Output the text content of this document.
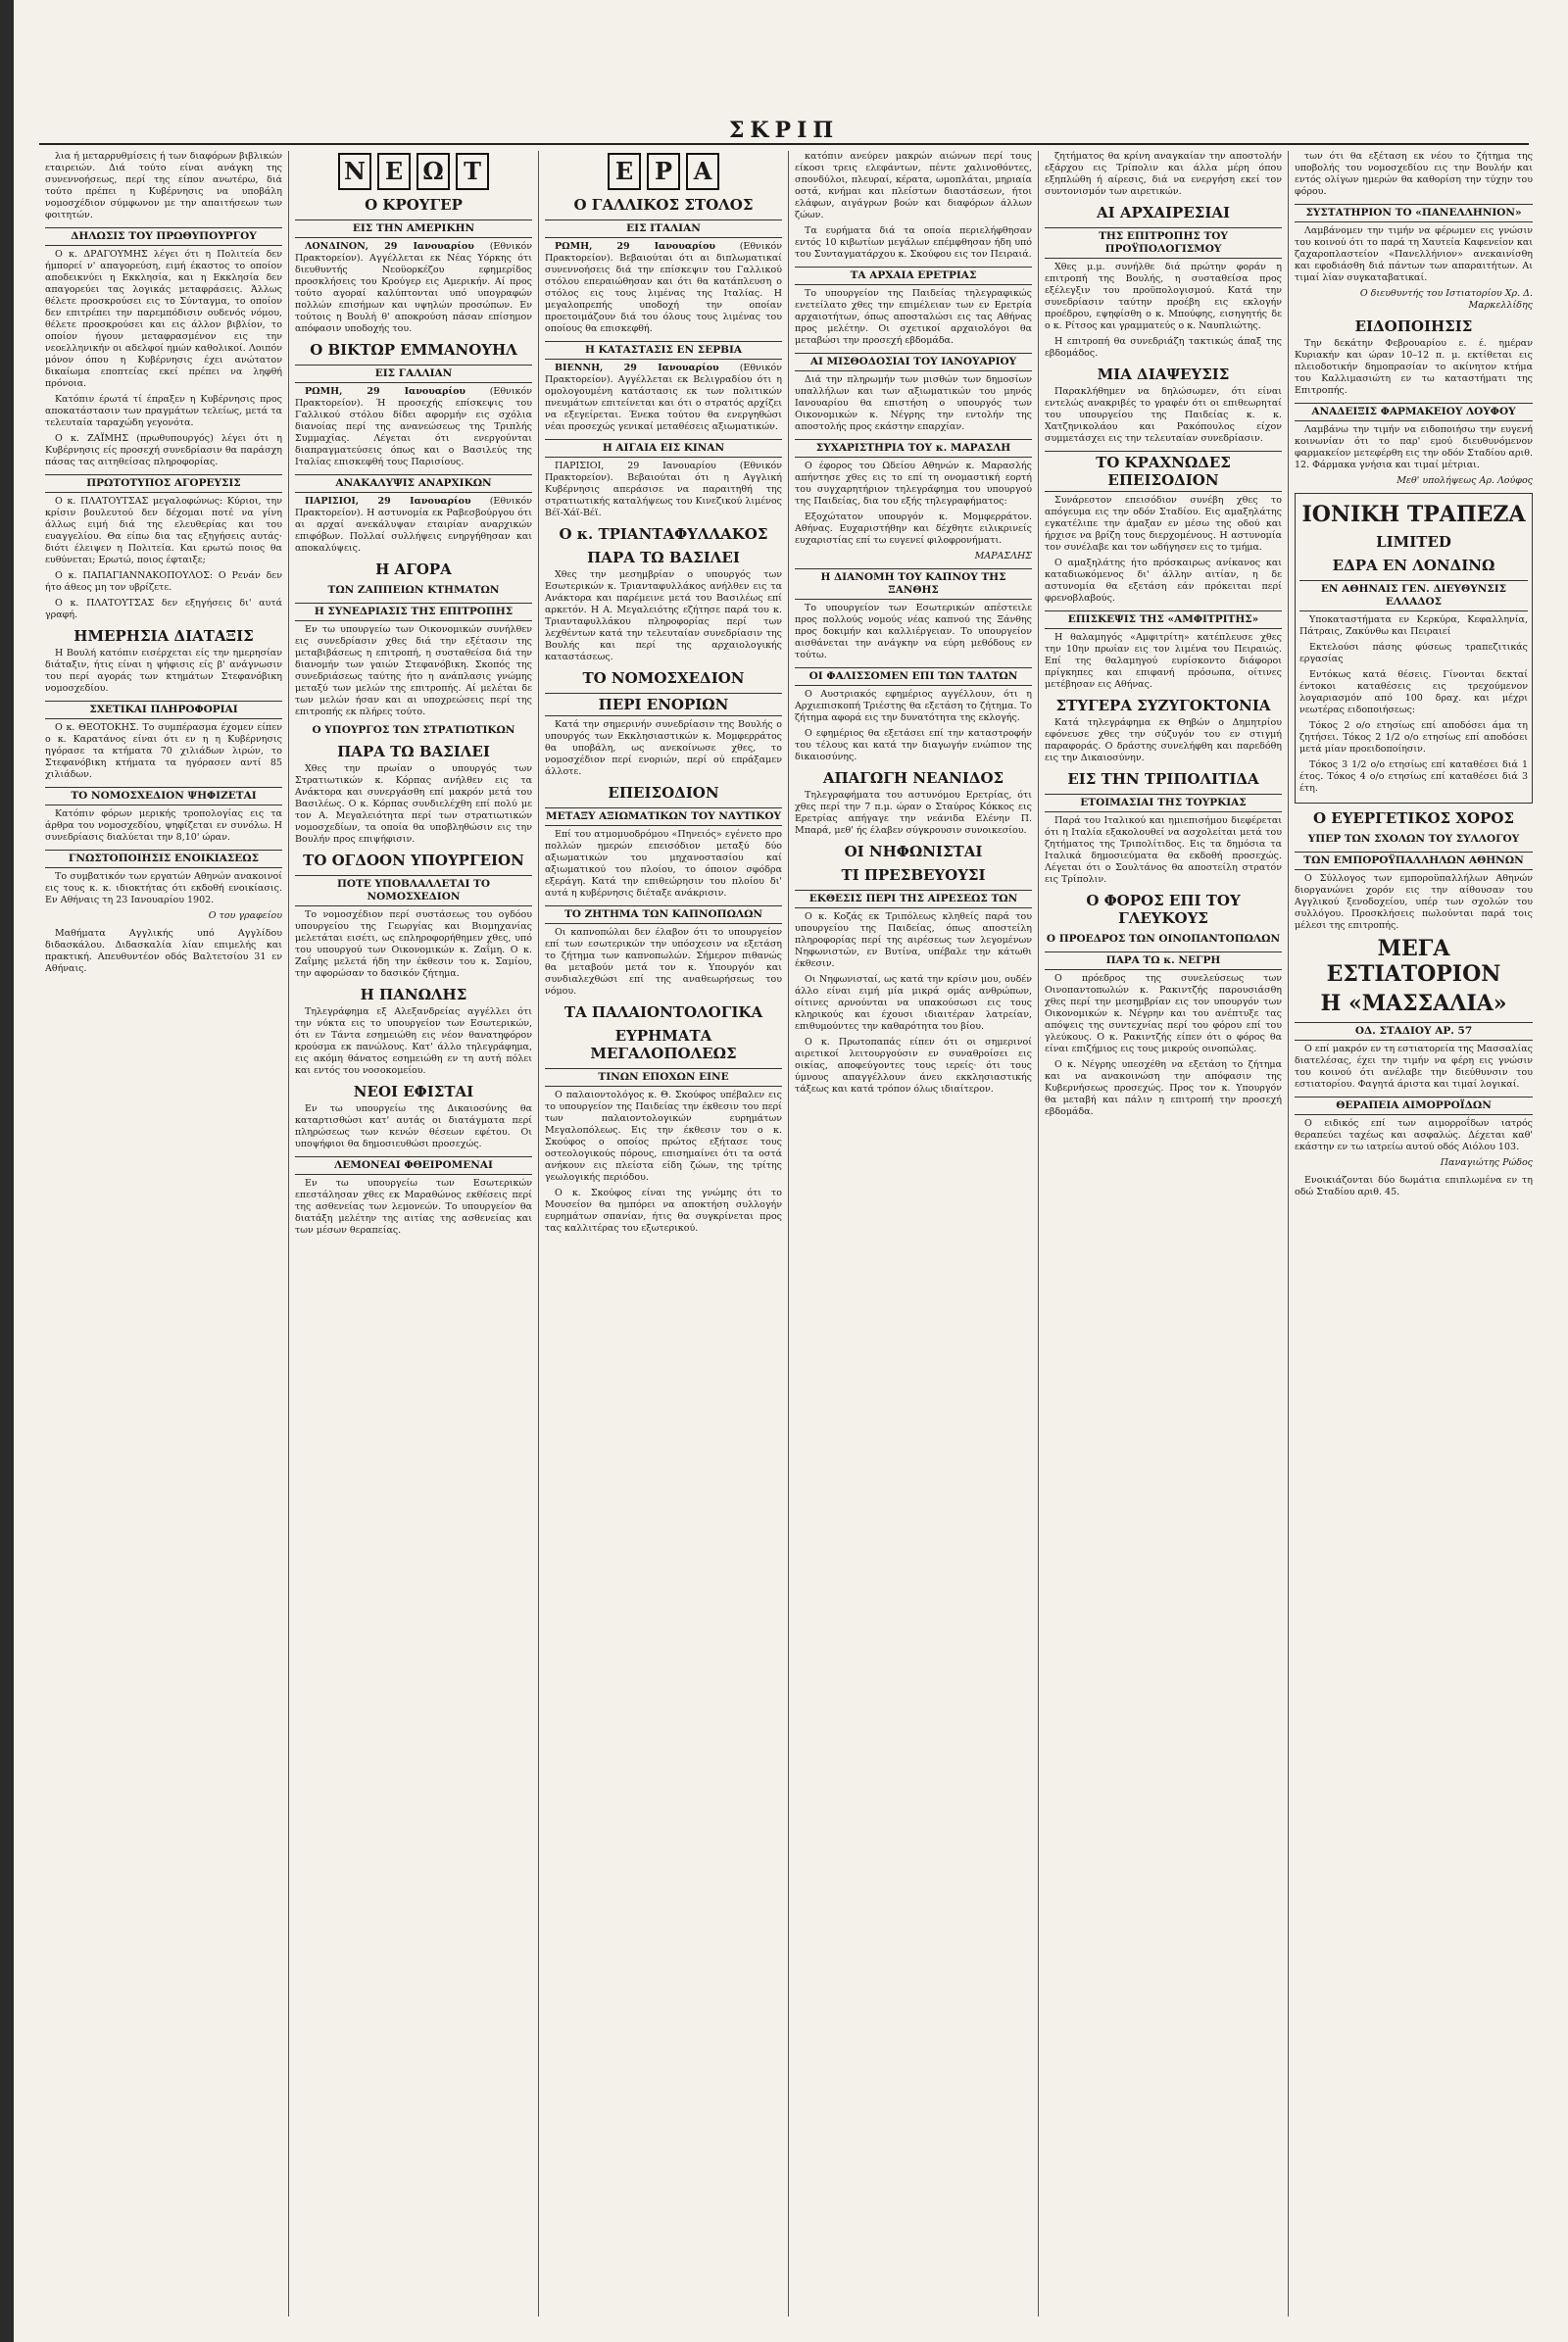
ΣΚΡΙΠ

λια ή μεταρρυθμίσεις ή των διαφόρων βιβλικών εταιρειών. Διά τούτο είναι ανάγκη της συνεννοήσεως, περί της είπον ανωτέρω, διά τούτο πρέπει η Κυβέρνησις να υποβάλη νομοσχέδιον σύμφωνον με την απαιτήσεων των φοιτητών.

ΔΗΛΩΣΙΣ ΤΟΥ ΠΡΩΘΥΠΟΥΡΓΟΥ

Ο κ. ΔΡΑΓΟΥΜΗΣ λέγει ότι η Πολιτεία δεν ήμπορεί ν' απαγορεύση, ειμή έκαστος το οποίον αποδεικνύει η Εκκλησία, και η Εκκλησία δεν απαγορεύει τας λογικάς μεταφράσεις. Άλλως θέλετε προσκρούσει εις το Σύνταγμα, το οποίον δεν επιτρέπει την παρεμπόδισιν ουδενός νόμου, θέλετε προσκρούσει και εις άλλον βιβλίον, το οποίον ήγουν μεταφρασμένον εις την νεοελληνικήν οι αδελφοί ημών καθολικοί. Λοιπόν μόνον όπου η Κυβέρνησις έχει ανώτατον δικαίωμα εποπτείας εκεί πρέπει να ληφθή πρόνοια.

Κατόπιν έρωτά τί έπραξεν η Κυβέρνησις προς αποκατάστασιν των πραγμάτων τελείως, μετά τα τελευταία ταραχώδη γεγονότα.

Ο κ. ΖΑΪΜΗΣ (πρωθυπουργός) λέγει ότι η Κυβέρνησις είς προσεχή συνεδρίασιν θα παράσχη πάσας τας αιτηθείσας πληροφορίας.

ΠΡΩΤΟΤΥΠΟΣ ΑΓΟΡΕΥΣΙΣ

Ο κ. ΠΛΑΤΟΥΤΣΑΣ μεγαλοφώνως: Κύριοι, την κρίσιν βουλευτού δεν δέχομαι ποτέ να γίνη άλλως ειμή διά της ελευθερίας και του ευαγγελίου. Θα είπω δια τας εξηγήσεις αυτάς· διότι έλειψεν η Πολιτεία. Και ερωτώ ποιος θα ευθύνεται; Ερωτώ, ποιος έφταιξε;

Ο κ. ΠΑΠΑΓΙΑΝΝΑΚΟΠΟΥΛΟΣ: Ο Ρενάν δεν ήτο άθεος μη τον υβρίζετε.

Ο κ. ΠΛΑΤΟΥΤΣΑΣ δεν εξηγήσεις δι' αυτά γραφή.

ΗΜΕΡΗΣΙΑ ΔΙΑΤΑΞΙΣ

Η Βουλή κατόπιν εισέρχεται είς την ημερησίαν διάταξιν, ήτις είναι η ψήφισις είς β' ανάγνωσιν του περί αγοράς των κτημάτων Στεφανόβικη νομοσχεδίου.

ΣΧΕΤΙΚΑΙ ΠΛΗΡΟΦΟΡΙΑΙ

Ο κ. ΘΕΟΤΟΚΗΣ. Το συμπέρασμα έχομεν είπεν ο κ. Καρατάνος είναι ότι εν η η Κυβέρνησις ηγόρασε τα κτήματα 70 χιλιάδων λιρών, το Στεφανόβικη κτήματα τα ηγόρασεν αντί 85 χιλιάδων.

ΤΟ ΝΟΜΟΣΧΕΔΙΟΝ ΨΗΦΙΖΕΤΑΙ

Κατόπιν φόρων μερικής τροπολογίας εις τα άρθρα του νομοσχεδίου, ψηφίζεται εν συνόλω. Η συνεδρίασις διαλύεται την 8,10' ώραν.

ΓΝΩΣΤΟΠΟΙΗΣΙΣ ΕΝΟΙΚΙΑΣΕΩΣ

Το συμβατικόν των εργατών Αθηνών ανακοινοί εις τους κ. κ. ιδιοκτήτας ότι εκδοθή ενοικίασις. Εν Αθήναις τη 23 Ιανουαρίου 1902.

Ο του γραφείου

Μαθήματα Αγγλικής υπό Αγγλίδου διδασκάλου. Διδασκαλία λίαν επιμελής και πρακτική. Απευθυντέον οδός Βαλτετσίου 31 εν Αθήναις.

Ν Ε Ω Τ
Ο ΚΡΟΥΓΕΡ
ΕΙΣ ΤΗΝ ΑΜΕΡΙΚΗΝ

ΛΟΝΔΙΝΟΝ, 29 Ιανουαρίου (Εθνικόν Πρακτορείον). Αγγέλλεται εκ Νέας Υόρκης ότι διευθυντής Νεοϋορκέζου εφημερίδος προσκλήσεις του Κρούγερ εις Αμερικήν. Αί προς τούτο αγοραί καλύπτονται υπό υπογραφών πολλών επισήμων και υψηλών προσώπων. Εν τούτοις η Βουλή θ' αποκρούση πάσαν επίσημον απόφασιν υποδοχής του.

Ο ΒΙΚΤΩΡ ΕΜΜΑΝΟΥΗΛ
ΕΙΣ ΓΑΛΛΙΑΝ

ΡΩΜΗ, 29 Ιανουαρίου	(Εθνικόν Πρακτορείον). Ή προσεχής επίσκεψις του Γαλλικού στόλου δίδει αφορμήν εις σχόλια διανοίας περί της ανανεώσεως της Τριπλής Συμμαχίας. Λέγεται ότι ενεργούνται διαπραγματεύσεις όπως και ο Βασιλεύς της Ιταλίας επισκεφθή τους Παρισίους.

ΑΝΑΚΑΛΥΨΙΣ ΑΝΑΡΧΙΚΩΝ

ΠΑΡΙΣΙΟΙ, 29 Ιανουαρίου (Εθνικόν Πρακτορείον). Η αστυνομία εκ Ραβεσβούργου ότι αι αρχαί ανεκάλυψαν εταιρίαν αναρχικών επιφόβων. Πολλαί συλλήψεις ενηργήθησαν και αποκαλύψεις.

Η ΑΓΟΡΑ
ΤΩΝ ΖΑΠΠΕΙΩΝ ΚΤΗΜΑΤΩΝ
Η ΣΥΝΕΔΡΙΑΣΙΣ ΤΗΣ ΕΠΙΤΡΟΠΗΣ

Εν τω υπουργείω των Οικονομικών συνήλθεν εις συνεδρίασιν χθες διά την εξέτασιν της μεταβιβάσεως η επιτροπή, η συσταθείσα διά την διανομήν των γαιών Στεφανόβικη. Σκοπός της συνεδριάσεως ταύτης ήτο η ανάπλασις γνώμης μεταξύ των μελών της επιτροπής. Αί μελέται δε των μελών ήσαν και αι υποχρεώσεις περί της επιτροπής εκ πλήρες τούτο.

Ο ΥΠΟΥΡΓΟΣ ΤΩΝ ΣΤΡΑΤΙΩΤΙΚΩΝ
ΠΑΡΑ ΤΩ ΒΑΣΙΛΕΙ

Χθες την πρωίαν ο υπουργός των Στρατιωτικών κ. Κόρπας ανήλθεν εις τα Ανάκτορα και συνεργάσθη επί μακρόν μετά του Βασιλέως. Ο κ. Κόρπας συνδιελέχθη επί πολύ με τον Α. Μεγαλειότητα περί των στρατιωτικών νομοσχεδίων, τα οποία θα υποβληθώσιν εις την Βουλήν προς επιψήφισιν.

ΤΟ ΟΓΔΟΟΝ ΥΠΟΥΡΓΕΙΟΝ
ΠΟΤΕ ΥΠΟΒΛΑΛΛΕΤΑΙ ΤΟ ΝΟΜΟΣΧΕΔΙΟΝ

Το νομοσχέδιον περί συστάσεως του ογδόου υπουργείου της Γεωργίας και Βιομηχανίας μελετάται εισέτι, ως επληροφορήθημεν χθες, υπό του υπουργού των Οικονομικών κ. Ζαΐμη. Ο κ. Ζαΐμης μελετά ήδη την έκθεσιν του κ. Σαμίου, την αφορώσαν το δασικόν ζήτημα.

Η ΠΑΝΩΛΗΣ

Τηλεγράφημα εξ Αλεξανδρείας αγγέλλει ότι την νύκτα εις το υπουργείον των Εσωτερικών, ότι εν Τάντα εσημειώθη εις νέον θανατηφόρον κρούσμα εκ πανώλους. Κατ' άλλο τηλεγράφημα, εις ακόμη θάνατος εσημειώθη εν τη αυτή πόλει και εντός του νοσοκομείου.

ΝΕΟΙ ΕΦΙΣΤΑΙ

Εν τω υπουργείω της Δικαιοσύνης θα καταρτισθώσι κατ' αυτάς οι διατάγματα περί πληρώσεως των κενών θέσεων εφέτου. Οι υποψήφιοι θα δημοσιευθώσι προσεχώς.

ΛΕΜΟΝΕΑΙ ΦΘΕΙΡΟΜΕΝΑΙ

Εν τω υπουργείω των Εσωτερικών επεστάλησαν χθες εκ Μαραθώνος εκθέσεις περί της ασθενείας των λεμονεών. Το υπουργείον θα διατάξη μελέτην της αιτίας της ασθενείας και των μέσων θεραπείας.

Ε Ρ Α
Ο ΓΑΛΛΙΚΟΣ ΣΤΟΛΟΣ
ΕΙΣ ΙΤΑΛΙΑΝ

ΡΩΜΗ, 29 Ιανουαρίου	(Εθνικόν Πρακτορείον). Βεβαιούται ότι αι διπλωματικαί συνεννοήσεις διά την επίσκεψιν του Γαλλικού στόλου επεραιώθησαν και ότι θα κατάπλευση ο στόλος εις τους λιμένας της Ιταλίας. Η μεγαλοπρεπής υποδοχή την οποίαν προετοιμάζουν διά του όλους τους λιμένας του οποίους θα επισκεφθή.

Η ΚΑΤΑΣΤΑΣΙΣ ΕΝ ΣΕΡΒΙΑ

ΒΙΕΝΝΗ, 29 Ιανουαρίου (Εθνικόν Πρακτορείον). Αγγέλλεται εκ Βελιγραδίου ότι η ομολογουμένη κατάστασις εκ των πολιτικών πνευμάτων επιτείνεται και ότι ο στρατός αρχίζει να εξεγείρεται. Ένεκα τούτου θα ενεργηθώσι νέαι προσεχώς γενικαί μεταθέσεις αξιωματικών.

Η ΑΙΓΑΙΑ ΕΙΣ ΚΙΝΑΝ

ΠΑΡΙΣΙΟΙ, 29 Ιανουαρίου (Εθνικόν Πρακτορείον). Βεβαιούται ότι η Αγγλική Κυβέρνησις απεράσισε να παραιτηθή της στρατιωτικής καταλήψεως του Κινεζικού λιμένος Βέϊ-Χάϊ-Βέϊ.

Ο κ. ΤΡΙΑΝΤΑΦΥΛΛΑΚΟΣ
ΠΑΡΑ ΤΩ ΒΑΣΙΛΕΙ

Χθες την μεσημβρίαν ο υπουργός των Εσωτερικών κ. Τριανταφυλλάκος ανήλθεν εις τα Ανάκτορα και παρέμεινε μετά του Βασιλέως επί αρκετόν. Η Α. Μεγαλειότης εζήτησε παρά του κ. Τριανταφυλλάκου πληροφορίας περί των λεχθέντων κατά την τελευταίαν συνεδρίασιν της Βουλής και περί της αρχαιολογικής καταστάσεως.

ΤΟ ΝΟΜΟΣΧΕΔΙΟΝ
ΠΕΡΙ ΕΝΟΡΙΩΝ

Κατά την σημερινήν συνεδρίασιν της Βουλής ο υπουργός των Εκκλησιαστικών κ. Μομφερράτος θα υποβάλη, ως ανεκοίνωσε χθες, το νομοσχέδιον περί ενοριών, περί ού επράξαμεν άλλοτε.

ΕΠΕΙΣΟΔΙΟΝ
ΜΕΤΑΞΥ ΑΞΙΩΜΑΤΙΚΩΝ ΤΟΥ ΝΑΥΤΙΚΟΥ

Επί του ατμομυοδρόμου «Πηνειός» εγένετο προ πολλών ημερών επεισόδιον μεταξύ δύο αξιωματικών του μηχανοστασίου καί αξιωματικού του πλοίου, το όποιον σφόδρα εξεράγη. Κατά την επιθεώρησιν του πλοίου δι' αυτά η κυβέρνησις διέταξε ανάκρισιν.

ΤΟ ΖΗΤΗΜΑ ΤΩΝ ΚΑΠΝΟΠΩΛΩΝ

Οι καπνοπώλαι δεν έλαβον ότι το υπουργείον επί των εσωτερικών την υπόσχεσιν να εξετάση το ζήτημα των καπνοπωλών. Σήμερον πιθανώς θα μεταβούν μετά τον κ. Υπουργόν και συνδιαλεχθώσι επί της αναθεωρήσεως του νόμου.

ΤΑ ΠΑΛΑΙΟΝΤΟΛΟΓΙΚΑ
ΕΥΡΗΜΑΤΑ ΜΕΓΑΛΟΠΟΛΕΩΣ
ΤΙΝΩΝ ΕΠΟΧΩΝ ΕΙΝΕ

Ο παλαιοντολόγος κ. Θ. Σκούφος υπέβαλεν εις το υπουργείον της Παιδείας την έκθεσιν του περί των παλαιοντολογικών ευρημάτων Μεγαλοπόλεως. Εις την έκθεσιν του ο κ. Σκούφος ο οποίος πρώτος εξήτασε τους οστεολογικούς πόρους, επισημαίνει ότι τα οστά ανήκουν εις πλείστα είδη ζώων, της τρίτης γεωλογικής περιόδου.

Ο κ. Σκούφος είναι της γνώμης ότι το Μουσείον θα ημπόρει να αποκτήση συλλογήν ευρημάτων σπανίαν, ήτις θα συγκρίνεται προς τας καλλιτέρας του εξωτερικού.

κατόπιν ανεύρεν μακρών αιώνων περί τους είκοσι τρεις ελεφάντων, πέντε χαλινοθόντες, σπονδύλοι, πλευραί, κέρατα, ωμοπλάται, μηριαία οστά, κνήμαι και πλείστων διαστάσεων, ήτοι ελάφων, αιγάγρων βοών και διαφόρων άλλων ζώων.

Τα ευρήματα διά τα οποία περιελήφθησαν εντός 10 κιβωτίων μεγάλων επέμφθησαν ήδη υπό του Συνταγματάρχου κ. Σκούφου εις τον Πειραιά.

ΤΑ ΑΡΧΑΙΑ ΕΡΕΤΡΙΑΣ

Το υπουργείον της Παιδείας τηλεγραφικώς ενετείλατο χθες την επιμέλειαν των εν Ερετρία αρχαιοτήτων, όπως αποσταλώσι εις τας Αθήνας προς μελέτην. Οι σχετικοί αρχαιολόγοι θα μεταβώσι την προσεχή εβδομάδα.

ΑΙ ΜΙΣΘΟΔΟΣΙΑΙ ΤΟΥ ΙΑΝΟΥΑΡΙΟΥ

Διά την πληρωμήν των μισθών των δημοσίων υπαλλήλων και των αξιωματικών του μηνός Ιανουαρίου θα επιστήση ο υπουργός των Οικονομικών κ. Νέγρης την εντολήν της αποστολής προς εκάστην επαρχίαν.

ΣΥΧΑΡΙΣΤΗΡΙΑ ΤΟΥ κ. ΜΑΡΑΣΛΗ

Ο έφορος του Ωδείου Αθηνών κ. Μαρασλής απήντησε χθες εις το επί τη ονομαστική εορτή του συγχαρητήριον τηλεγράφημα του υπουργού της Παιδείας, δια του εξής τηλεγραφήματος:

Εξοχώτατον υπουργόν κ. Μομφερράτον. Αθήνας. Ευχαριστήθην και δέχθητε ειλικρινείς ευχαριστίας επί τω ευγενεί φιλοφρονήματι.

ΜΑΡΑΣΛΗΣ
Η ΔΙΑΝΟΜΗ ΤΟΥ ΚΑΠΝΟΥ ΤΗΣ ΞΑΝΘΗΣ

Το υπουργείον των Εσωτερικών απέστειλε προς πολλούς νομούς νέας καπνού της Ξάνθης προς δοκιμήν και καλλιέργειαν. Το υπουργείον αισθάνεται την ανάγκην να εύρη μεθόδους εν τούτω.

ΟΙ ΦΑΛΙΣΣΟΜΕΝ ΕΠΙ ΤΩΝ ΤΑΛΤΩΝ

Ο Αυστριακός εφημέριος αγγέλλουν, ότι η Αρχιεπισκοπή Τριέστης θα εξετάση το ζήτημα. Το ζήτημα αφορά εις την δυνατότητα της εκλογής.

Ο εφημέριος θα εξετάσει επί την καταστροφήν του τέλους και κατά την διαγωγήν ενώπιον της δικαιοσύνης.

ΑΠΑΓΩΓΗ ΝΕΑΝΙΔΟΣ

Τηλεγραφήματα του αστυνόμου Ερετρίας, ότι χθες περί την 7 π.μ. ώραν ο Σταύρος Κόκκος εις Ερετρίας απήγαγε την νεάνιδα Ελένην Π. Μπαρά, μεθ' ής έλαβεν σύγκρουσιν συνοικεσίου.

ΟΙ ΝΗΦΩΝΙΣΤΑΙ
ΤΙ ΠΡΕΣΒΕΥΟΥΣΙ
ΕΚΘΕΣΙΣ ΠΕΡΙ ΤΗΣ ΑΙΡΕΣΕΩΣ ΤΩΝ

Ο κ. Κοζάς εκ Τριπόλεως κληθείς παρά του υπουργείου της Παιδείας, όπως αποστείλη πληροφορίας περί της αιρέσεως των λεγομένων Νηφωνιστών, εν Βυτίνα, υπέβαλε την κάτωθι έκθεσιν.

Οι Νηφωνισταί, ως κατά την κρίσιν μου, ουδέν άλλο είναι ειμή μία μικρά ομάς ανθρώπων, οίτινες αρνούνται να υπακούσωσι εις τους κληρικούς και έχουσι ιδιαιτέραν λατρείαν, επιθυμούντες την καθαρότητα του βίου.

Ο κ. Πρωτοπαπάς είπεν ότι οι σημερινοί αιρετικοί λειτουργούσιν εν συναθροίσει εις οικίας, αποφεύγοντες τους ιερείς· ότι τους ύμνους απαγγέλλουν άνευ εκκλησιαστικής τάξεως και κατά τρόπον όλως ιδιαίτερον.

ζητήματος θα κρίνη αναγκαίαν την αποστολήν εξάρχου εις Τρίπολιν και άλλα μέρη όπου εξηπλώθη ή αίρεσις, διά να ενεργήση εκεί τον συντονισμόν των αιρετικών.

ΑΙ ΑΡΧΑΙΡΕΣΙΑΙ
ΤΗΣ ΕΠΙΤΡΟΠΗΣ ΤΟΥ ΠΡΟΫΠΟΛΟΓΙΣΜΟΥ

Χθες μ.μ. συνήλθε διά πρώτην φοράν η επιτροπή της Βουλής, η συσταθείσα προς εξέλεγξιν του προϋπολογισμού. Κατά την συνεδρίασιν ταύτην προέβη εις εκλογήν προέδρου, εψηφίσθη ο κ. Μπούφης, εισηγητής δε ο κ. Ρίτσος και γραμματεύς ο κ. Ναυπλιώτης.

Η επιτροπή θα συνεδριάζη τακτικώς άπαξ της εβδομάδος.

ΜΙΑ ΔΙΑΨΕΥΣΙΣ

Παρακλήθημεν να δηλώσωμεν, ότι είναι εντελώς ανακριβές το γραφέν ότι οι επιθεωρηταί του υπουργείου της Παιδείας κ. κ. Χατζηνικολάου και Ρακόπουλος είχον συμμετάσχει εις την τελευταίαν συνεδρίασιν.

ΤΟ ΚΡΑΧΝΩΔΕΣ ΕΠΕΙΣΟΔΙΟΝ

Συνάρεστον επεισόδιον συνέβη χθες το απόγευμα εις την οδόν Σταδίου. Εις αμαξηλάτης εγκατέλιπε την άμαξαν εν μέσω της οδού και ήρχισε να βρίζη τους διερχομένους. Η αστυνομία τον συνέλαβε και τον ωδήγησεν εις το τμήμα.

Ο αμαξηλάτης ήτο πρόσκαιρως ανίκανος και καταδιωκόμενος δι' άλλην αιτίαν, η δε αστυνομία θα εξετάση εάν πρόκειται περί φρενοβλαβούς.

ΕΠΙΣΚΕΨΙΣ ΤΗΣ «ΑΜΦΙΤΡΙΤΗΣ»

Η θαλαμηγός «Αμφιτρίτη» κατέπλευσε χθες την 10ην πρωίαν εις τον λιμένα του Πειραιώς. Επί της θαλαμηγού ευρίσκοντο διάφοροι πρίγκηπες και επιφανή πρόσωπα, οίτινες μετέβησαν εις Αθήνας.

ΣΤΥΓΕΡΑ ΣΥΖΥΓΟΚΤΟΝΙΑ

Κατά τηλεγράφημα εκ Θηβών ο Δημητρίου εφόνευσε χθες την σύζυγόν του εν στιγμή παραφοράς. Ο δράστης συνελήφθη και παρεδόθη εις την Δικαιοσύνην.

ΕΙΣ ΤΗΝ ΤΡΙΠΟΛΙΤΙΔΑ
ΕΤΟΙΜΑΣΙΑΙ ΤΗΣ ΤΟΥΡΚΙΑΣ

Παρά του Ιταλικού και ημιεπισήμου διεφέρεται ότι η Ιταλία εξακολουθεί να ασχολείται μετά του ζητήματος της Τριπολίτιδος. Εις τα δημόσια τα Ιταλικά δημοσιεύματα θα εκδοθή προσεχώς. Λέγεται ότι ο Σουλτάνος θα αποστείλη στρατόν εις Τρίπολιν.

Ο ΦΟΡΟΣ ΕΠΙ ΤΟΥ ΓΛΕΥΚΟΥΣ
Ο ΠΡΟΕΔΡΟΣ ΤΩΝ ΟΙΝΟΠΑΝΤΟΠΩΛΩΝ
ΠΑΡΑ ΤΩ κ. ΝΕΓΡΗ

Ο πρόεδρος της συνελεύσεως των Οινοπαντοπωλών κ. Ρακιντζής παρουσιάσθη χθες περί την μεσημβρίαν εις τον υπουργόν των Οικονομικών κ. Νέγρην και του ανέπτυξε τας απόψεις της συντεχνίας περί του φόρου επί του γλεύκους. Ο κ. Ρακιντζής είπεν ότι ο φόρος θα είναι επιζήμιος εις τους μικρούς οινοπώλας.

Ο κ. Νέγρης υπεσχέθη να εξετάση το ζήτημα και να ανακοινώση την απόφασιν της Κυβερνήσεως προσεχώς. Προς τον κ. Υπουργόν θα μεταβή και πάλιν η επιτροπή την προσεχή εβδομάδα.

των ότι θα εξέταση εκ νέου το ζήτημα της υποβολής του νομοσχεδίου εις την Βουλήν και εντός ολίγων ημερών θα καθορίση την τύχην του φόρου.

ΣΥΣΤΑΤΗΡΙΟΝ ΤΟ «ΠΑΝΕΛΛΗΝΙΟΝ»

Λαμβάνομεν την τιμήν να φέρωμεν εις γνώσιν του κοινού ότι το παρά τη Χαυτεία Καφενείον και ζαχαροπλαστείον «Πανελλήνιον» ανεκαινίσθη και εφοδιάσθη διά πάντων των απαραιτήτων. Αι τιμαί λίαν συγκαταβατικαί.

Ο διευθυντής του Ιστιατορίου Χρ. Δ. Μαρκελλίδης
ΕΙΔΟΠΟΙΗΣΙΣ

Την δεκάτην Φεβρουαρίου ε. έ. ημέραν Κυριακήν και ώραν 10–12 π. μ. εκτίθεται εις πλειοδοτικήν δημοπρασίαν το ακίνητον κτήμα του Καλλιμασιώτη εν τω καταστήματι της Επιτροπής.

ΑΝΑΔΕΙΞΙΣ ΦΑΡΜΑΚΕΙΟΥ ΛΟΥΦΟΥ

Λαμβάνω την τιμήν να ειδοποιήσω την ευγενή κοινωνίαν ότι το παρ' εμού διευθυνόμενον φαρμακείον μετεφέρθη εις την οδόν Σταδίου αριθ. 12. Φάρμακα γνήσια και τιμαί μέτριαι.

Μεθ' υπολήψεως Αρ. Λούφος
ΙΟΝΙΚΗ ΤΡΑΠΕΖΑ
LIMITED
ΕΔΡΑ ΕΝ ΛΟΝΔΙΝΩ
ΕΝ ΑΘΗΝΑΙΣ ΓΕΝ. ΔΙΕΥΘΥΝΣΙΣ ΕΛΛΑΔΟΣ

Υποκαταστήματα εν Κερκύρα, Κεφαλληνία, Πάτραις, Ζακύνθω και Πειραιεί

Εκτελούσι πάσης φύσεως τραπεζιτικάς εργασίας

Εντόκως κατά θέσεις. Γίνονται δεκταί έντοκοι καταθέσεις εις τρεχούμενον λογαριασμόν από 100 δραχ. και μέχρι νεωτέρας ειδοποιήσεως:

Τόκος 2 ο/ο ετησίως επί αποδόσει άμα τη ζητήσει. Τόκος 2 1/2 ο/ο ετησίως επί αποδόσει μετά μίαν προειδοποίησιν.

Τόκος 3 1/2 ο/ο ετησίως επί καταθέσει διά 1 έτος. Τόκος 4 ο/ο ετησίως επί καταθέσει διά 3 έτη.

Ο ΕΥΕΡΓΕΤΙΚΟΣ ΧΟΡΟΣ
ΥΠΕΡ ΤΩΝ ΣΧΟΛΩΝ ΤΟΥ ΣΥΛΛΟΓΟΥ
ΤΩΝ ΕΜΠΟΡΟΫΠΑΛΛΗΛΩΝ ΑΘΗΝΩΝ

Ο Σύλλογος των εμποροϋπαλλήλων Αθηνών διοργανώνει χορόν εις την αίθουσαν του Αγγλικού ξενοδοχείου, υπέρ των σχολών του συλλόγου. Προσκλήσεις πωλούνται παρά τοις μέλεσι της επιτροπής.

ΜΕΓΑ ΕΣΤΙΑΤΟΡΙΟΝ
Η «ΜΑΣΣΑΛΙΑ»
ΟΔ. ΣΤΑΔΙΟΥ ΑΡ. 57

Ο επί μακρόν εν τη εστιατορεία της Μασσαλίας διατελέσας, έχει την τιμήν να φέρη εις γνώσιν του κοινού ότι ανέλαβε την διεύθυνσιν του εστιατορίου. Φαγητά άριστα και τιμαί λογικαί.

ΘΕΡΑΠΕΙΑ ΑΙΜΟΡΡΟΪΔΩΝ

Ο ειδικός επί των αιμορροΐδων ιατρός θεραπεύει ταχέως και ασφαλώς. Δέχεται καθ' εκάστην εν τω ιατρείω αυτού οδός Αιόλου 103.

Παναγιώτης Ρώδος

Ενοικιάζονται δύο δωμάτια επιπλωμένα εν τη οδώ Σταδίου αριθ. 45.
